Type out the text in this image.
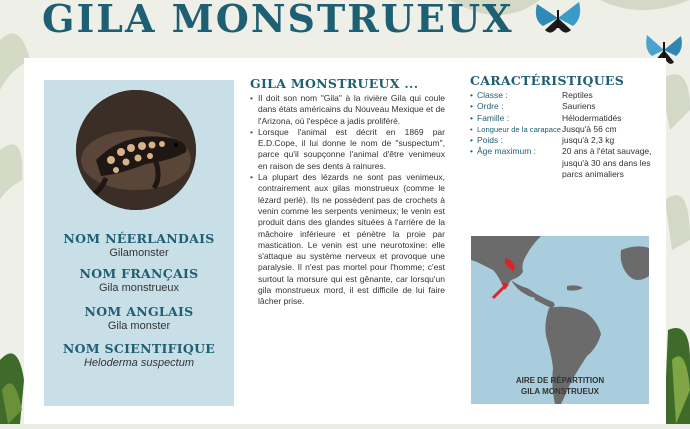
GILA MONSTRUEUX
NOM NÉERLANDAIS
Gilamonster
NOM FRANÇAIS
Gila monstrueux
NOM ANGLAIS
Gila monster
NOM SCIENTIFIQUE
Heloderma suspectum
GILA MONSTRUEUX ...
• Il doit son nom "Gila" à la rivière Gila qui coule dans états américains du Nouveau Mexique et de l'Arizona, où l'espèce a jadis proliféré.
• Lorsque l'animal est décrit en 1869 par E.D.Cope, il lui donne le nom de "suspectum", parce qu'il soupçonne l'animal d'être venimeux en raison de ses dents à rainures.
• La plupart des lézards ne sont pas venimeux, contrairement aux gilas monstrueux (comme le lézard perlé). Ils ne possèdent pas de crochets à venin comme les serpents venimeux; le venin est produit dans des glandes situées à l'arrière de la mâchoire inférieure et pénètre la proie par mastication. Le venin est une neurotoxine: elle s'attaque au système nerveux et provoque une paralysie. Il n'est pas mortel pour l'homme; c'est surtout la morsure qui est gênante, car lorsqu'un gila monstrueux mord, il est difficile de lui faire lâcher prise.
CARACTÉRISTIQUES
• Classe :	Reptiles
• Ordre :	Sauriens
• Famille :	Hélodermatidés
• Longueur de la carapace :
Jusqu'à 56 cm
• Poids :	jusqu'à 2,3 kg
• Âge maximum :	20 ans à l'état sauvage, jusqu'à 30 ans dans les parcs animaliers
AIRE DE RÉPARTITION
GILA MONSTRUEUX
